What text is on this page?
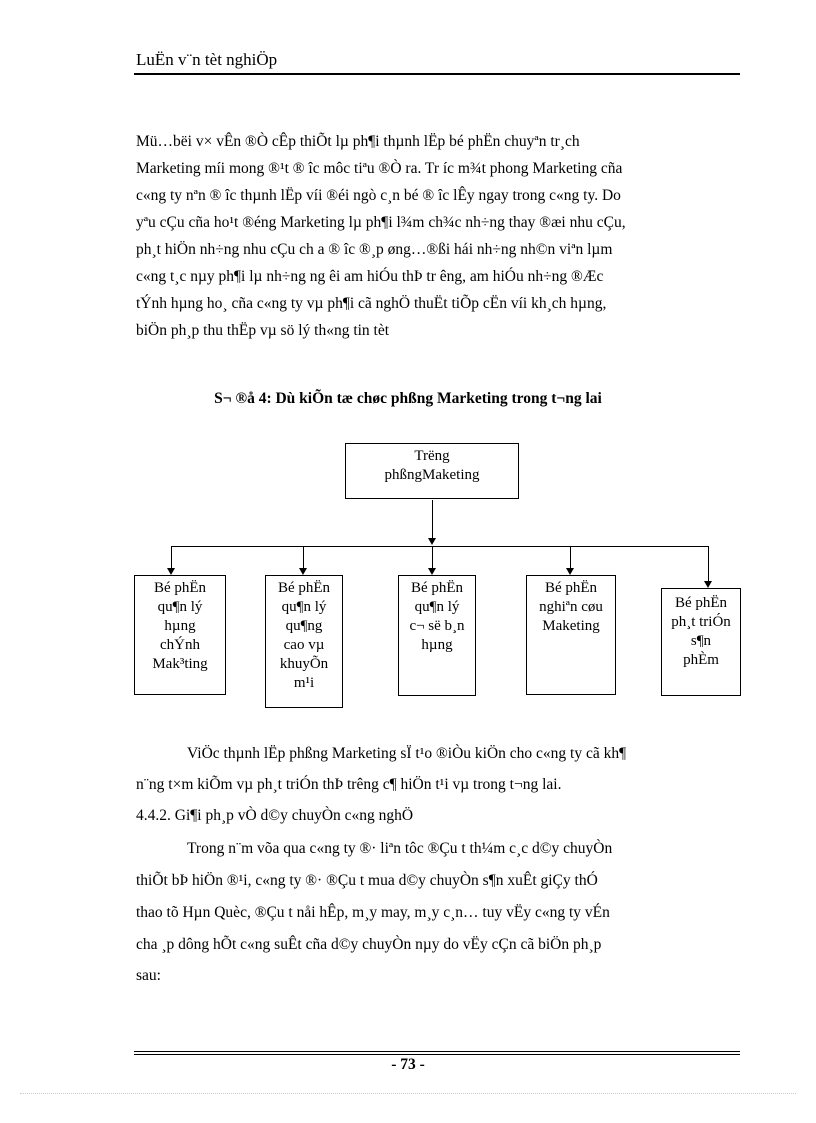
LuËn v¨n tèt nghiÖp
Mü…bëi v× vÊn ®Ò cÊp thiÕt lµ ph¶i thµnh lËp bé phËn chuyªn tr¸ch
Marketing míi mong ®¹t ® îc môc tiªu ®Ò ra. Tr íc m¾t phong Marketing cña
c«ng ty nªn ® îc thµnh lËp víi ®éi ngò c¸n bé ® îc lÊy ngay trong c«ng ty. Do
yªu cÇu cña ho¹t ®éng Marketing lµ ph¶i l¾m ch¾c nh÷ng thay ®æi nhu cÇu,
ph¸t hiÖn nh÷ng nhu cÇu ch a ® îc ®¸p øng…®ßi hái nh÷ng nh©n viªn lµm
c«ng t¸c nµy ph¶i lµ nh÷ng ng êi am hiÓu thÞ tr êng, am hiÓu nh÷ng ®Æc
tÝnh hµng ho¸ cña c«ng ty vµ ph¶i cã nghÖ thuËt tiÕp cËn víi kh¸ch hµng,
biÖn ph¸p thu thËp vµ sö lý th«ng tin tèt
S¬ ®å 4: Dù kiÕn tæ chøc phßng Marketing trong t¬ng lai
Trëng
phßngMaketing
Bé phËn
qu¶n lý
hµng
chÝnh
Mak³ting
Bé phËn
qu¶n lý
qu¶ng
cao vµ
khuyÕn
m¹i
Bé phËn
qu¶n lý
c¬ së b¸n
hµng
Bé phËn
nghiªn cøu
Maketing
Bé phËn
ph¸t triÓn
s¶n
phÈm
ViÖc thµnh lËp phßng Marketing sÏ t¹o ®iÒu kiÖn cho c«ng ty cã kh¶
n¨ng t×m kiÕm vµ ph¸t triÓn thÞ trêng c¶ hiÖn t¹i vµ trong t¬ng lai.
4.4.2. Gi¶i ph¸p vÒ d©y chuyÒn c«ng nghÖ
Trong n¨m võa qua c«ng ty ®· liªn tôc ®Çu t th¼m c¸c d©y chuyÒn
thiÕt bÞ hiÖn ®¹i, c«ng ty ®· ®Çu t mua d©y chuyÒn s¶n xuÊt giÇy thÓ
thao tõ Hµn Quèc, ®Çu t nåi hÊp, m¸y may, m¸y c¸n… tuy vËy c«ng ty vÉn
cha ¸p dông hÕt c«ng suÊt cña d©y chuyÒn nµy do vËy cÇn cã biÖn ph¸p
sau:
- 73 -
